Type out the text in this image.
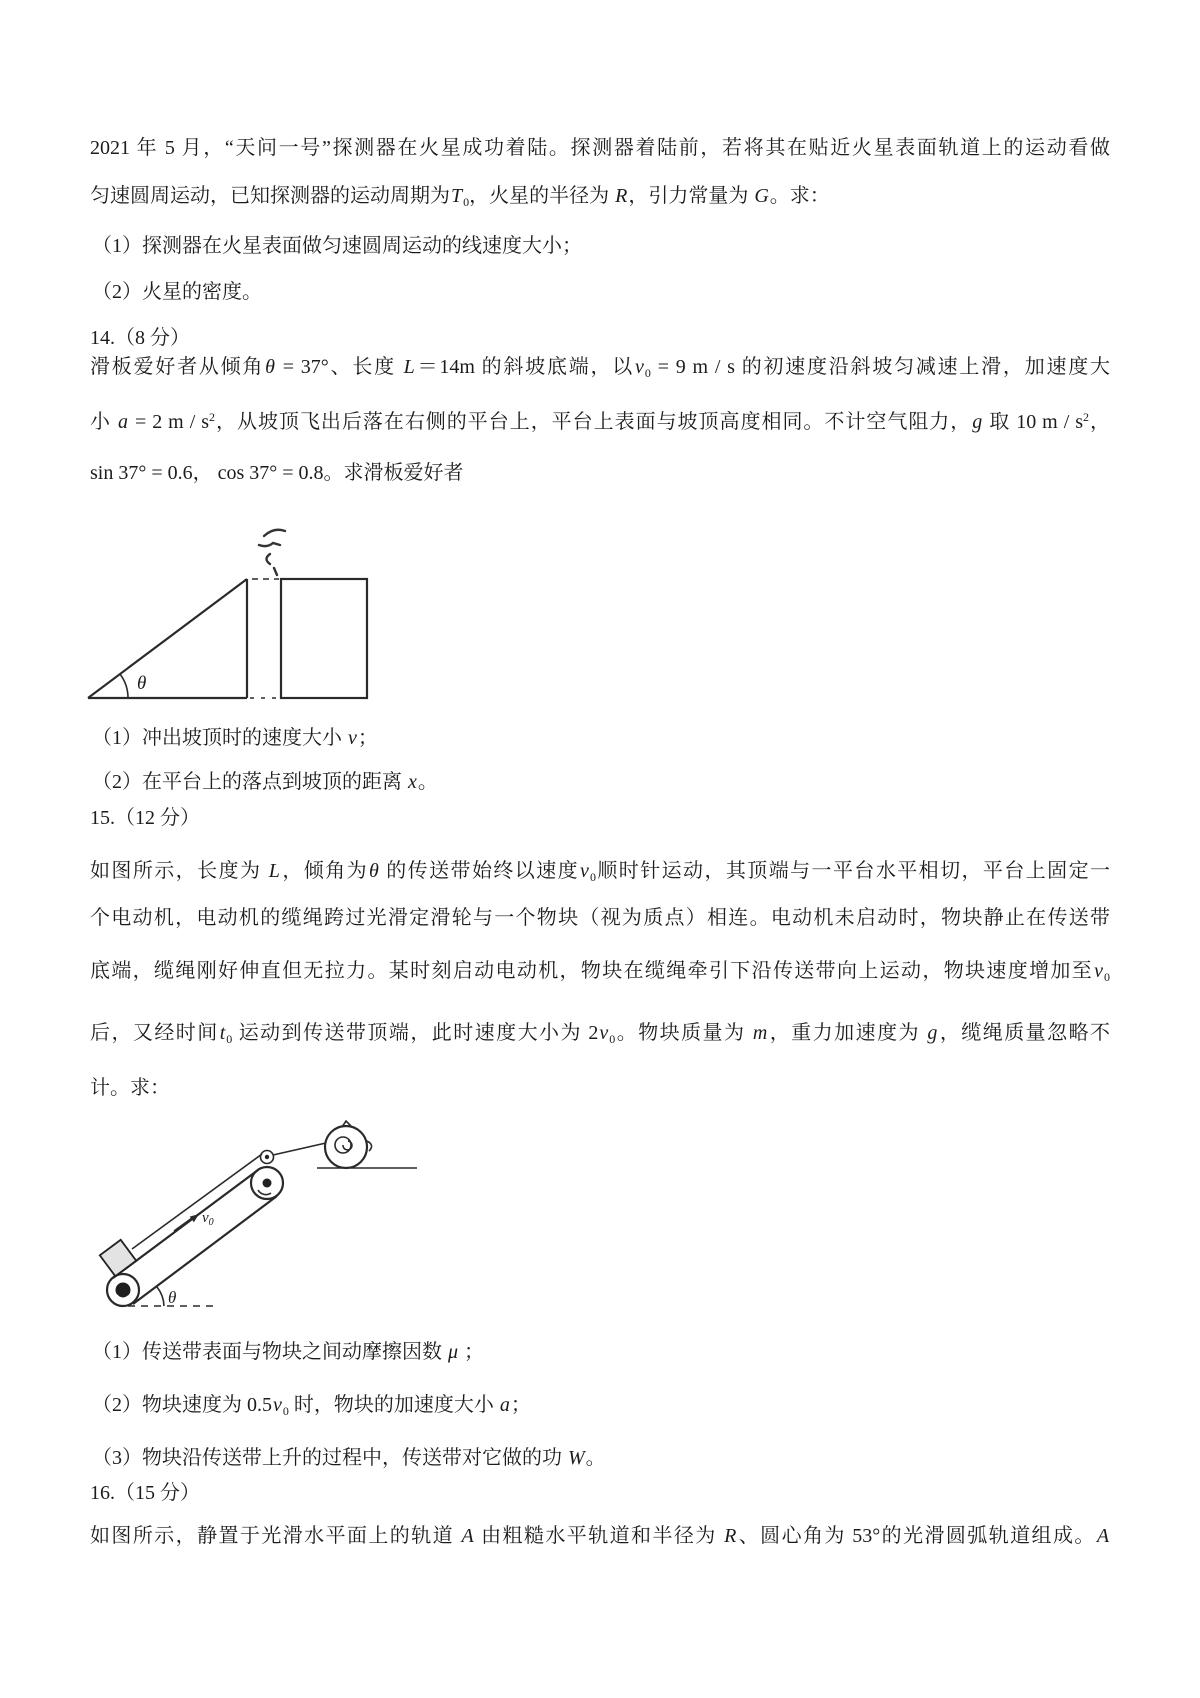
2021 年 5 月，“天问一号”探测器在火星成功着陆。探测器着陆前，若将其在贴近火星表面轨道上的运动看做
匀速圆周运动，已知探测器的运动周期为$T_0$，火星的半径为 R，引力常量为 G。求：
（1）探测器在火星表面做匀速圆周运动的线速度大小；
（2）火星的密度。
14.（8 分）
滑板爱好者从倾角θ = 37°、长度 L＝14m 的斜坡底端，以$v_0 = 9$ m / s 的初速度沿斜坡匀减速上滑，加速度大
小 a = 2 m / $s^2$，从坡顶飞出后落在右侧的平台上，平台上表面与坡顶高度相同。不计空气阻力，g 取 10 m / $s^2$，
sin 37° = 0.6， cos 37° = 0.8。求滑板爱好者
θ
（1）冲出坡顶时的速度大小 v；
（2）在平台上的落点到坡顶的距离 x。
15.（12 分）
如图所示，长度为 L，倾角为θ 的传送带始终以速度$v_0$顺时针运动，其顶端与一平台水平相切，平台上固定一
个电动机，电动机的缆绳跨过光滑定滑轮与一个物块（视为质点）相连。电动机未启动时，物块静止在传送带
底端，缆绳刚好伸直但无拉力。某时刻启动电动机，物块在缆绳牵引下沿传送带向上运动，物块速度增加至$v_0$
后，又经时间$t_0$ 运动到传送带顶端，此时速度大小为 $2v_0$。物块质量为 m，重力加速度为 g，缆绳质量忽略不
计。求：
$v_0$
θ
（1）传送带表面与物块之间动摩擦因数 μ ；
（2）物块速度为 $0.5v_0$ 时，物块的加速度大小 a；
（3）物块沿传送带上升的过程中，传送带对它做的功 W。
16.（15 分）
如图所示，静置于光滑水平面上的轨道 A 由粗糙水平轨道和半径为 R、圆心角为 53°的光滑圆弧轨道组成。A
